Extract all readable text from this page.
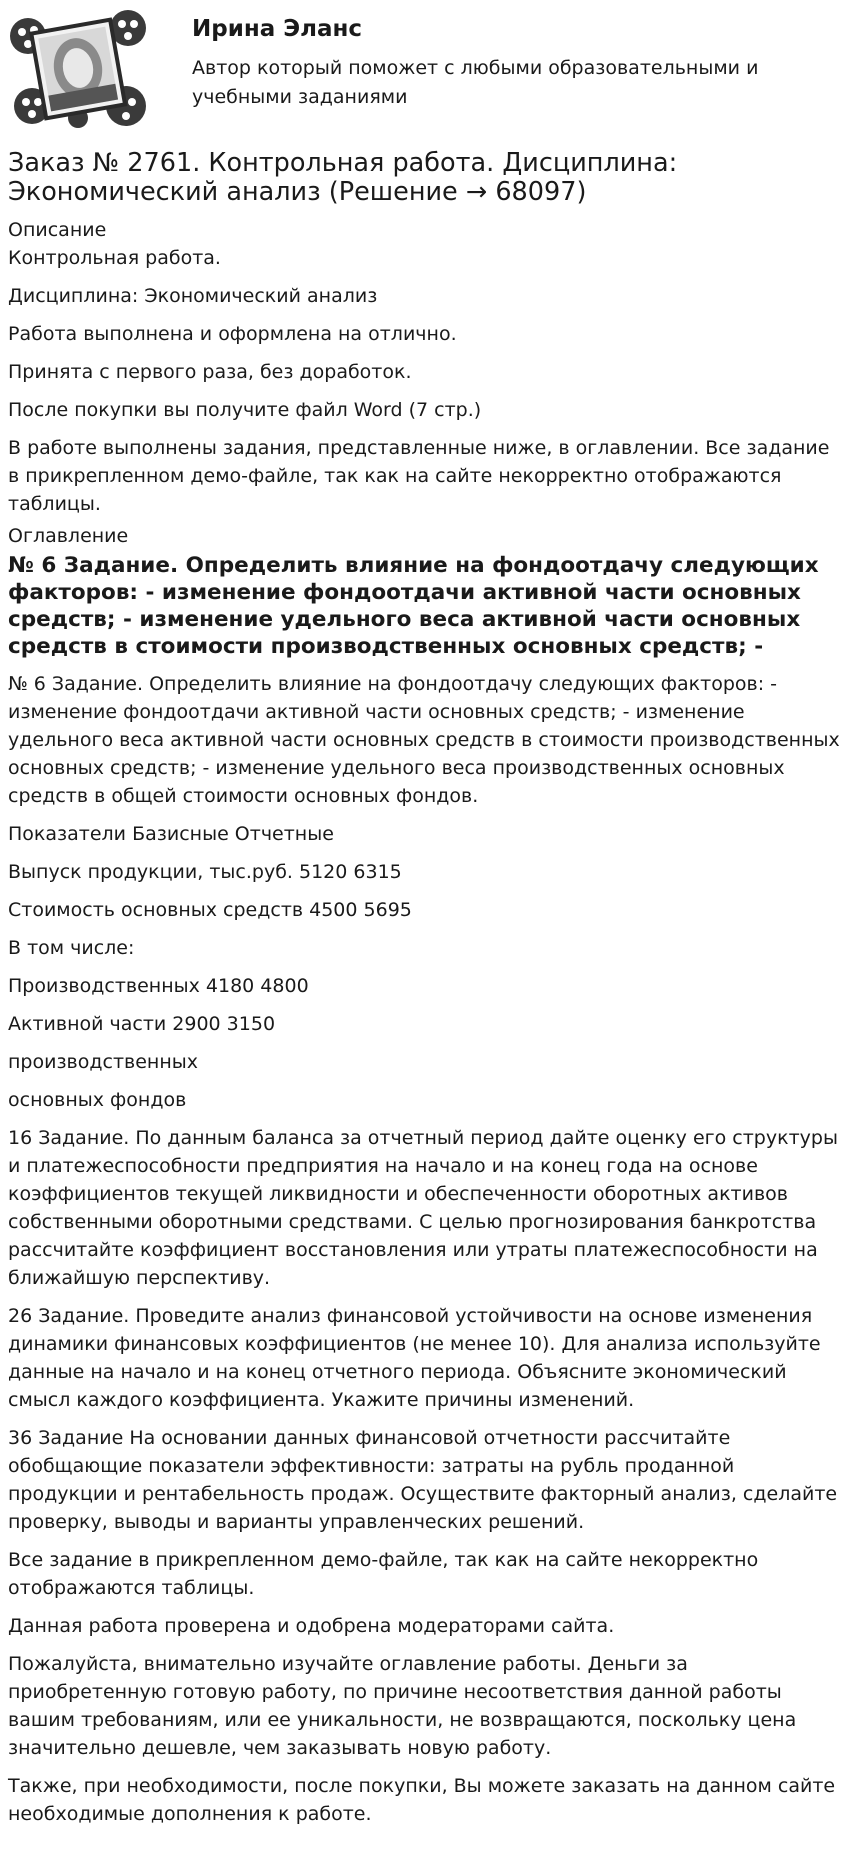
Ирина Эланс
Автор который поможет с любыми образовательными и учебными заданиями
Заказ № 2761. Контрольная работа. Дисциплина: Экономический анализ (Решение → 68097)
Описание

Контрольная работа.

Дисциплина: Экономический анализ

Работа выполнена и оформлена на отлично.

Принята с первого раза, без доработок.

После покупки вы получите файл Word (7 стр.)

В работе выполнены задания, представленные ниже, в оглавлении. Все задание в прикрепленном демо-файле, так как на сайте некорректно отображаются таблицы.

Оглавление
№ 6 Задание. Определить влияние на фондоотдачу следующих факторов: - изменение фондоотдачи активной части основных средств; - изменение удельного веса активной части основных средств в стоимости производственных основных средств; -

№ 6 Задание. Определить влияние на фондоотдачу следующих факторов: - изменение фондоотдачи активной части основных средств; - изменение удельного веса активной части основных средств в стоимости производственных основных средств; - изменение удельного веса производственных основных средств в общей стоимости основных фондов.

Показатели Базисные Отчетные

Выпуск продукции, тыс.руб. 5120 6315

Стоимость основных средств 4500 5695

В том числе:

Производственных 4180 4800

Активной части 2900 3150

производственных

основных фондов

16 Задание. По данным баланса за отчетный период дайте оценку его структуры и платежеспособности предприятия на начало и на конец года на основе коэффициентов текущей ликвидности и обеспеченности оборотных активов собственными оборотными средствами. С целью прогнозирования банкротства рассчитайте коэффициент восстановления или утраты платежеспособности на ближайшую перспективу.

26 Задание. Проведите анализ финансовой устойчивости на основе изменения динамики финансовых коэффициентов (не менее 10). Для анализа используйте данные на начало и на конец отчетного периода. Объясните экономический смысл каждого коэффициента. Укажите причины изменений.

36 Задание На основании данных финансовой отчетности рассчитайте обобщающие показатели эффективности: затраты на рубль проданной продукции и рентабельность продаж. Осуществите факторный анализ, сделайте проверку, выводы и варианты управленческих решений.

Все задание в прикрепленном демо-файле, так как на сайте некорректно отображаются таблицы.

Данная работа проверена и одобрена модераторами сайта.

Пожалуйста, внимательно изучайте оглавление работы. Деньги за приобретенную готовую работу, по причине несоответствия данной работы вашим требованиям, или ее уникальности, не возвращаются, поскольку цена значительно дешевле, чем заказывать новую работу.

Также, при необходимости, после покупки, Вы можете заказать на данном сайте необходимые дополнения к работе.
